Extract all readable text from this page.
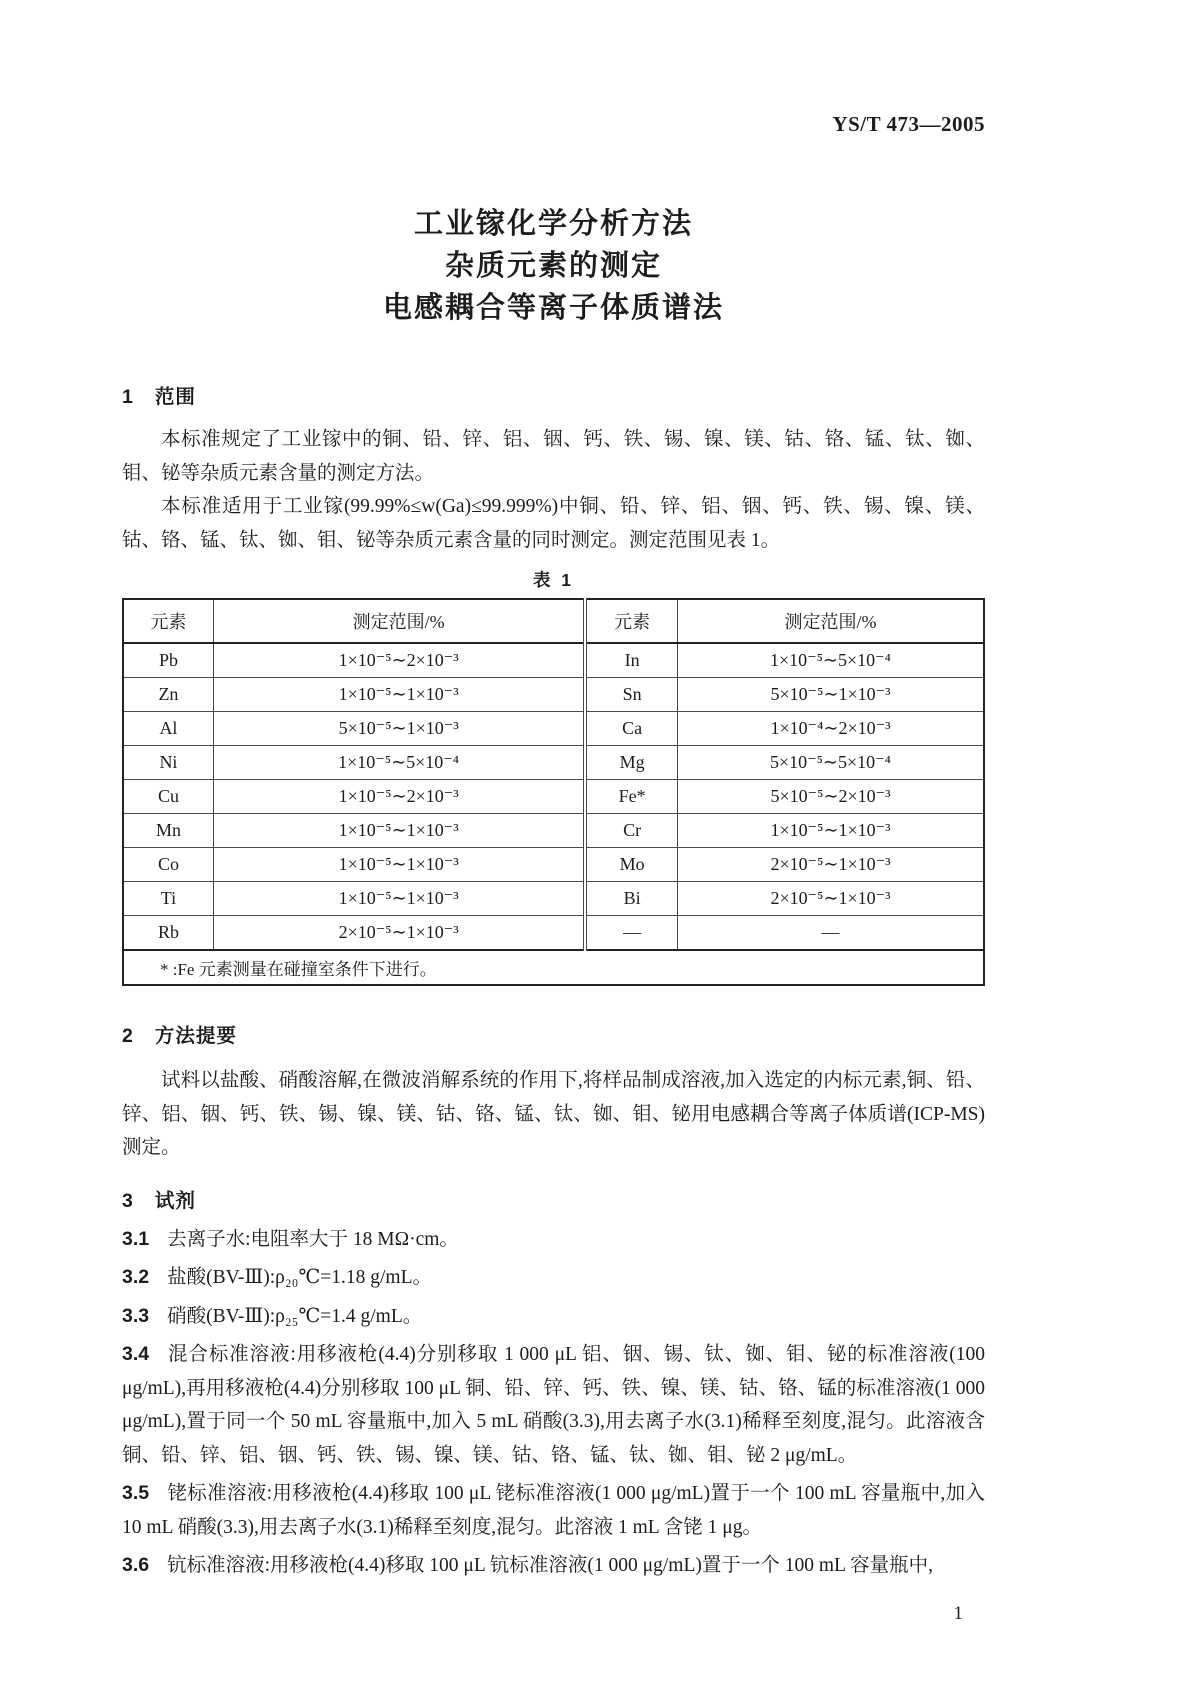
YS/T 473—2005
工业镓化学分析方法
杂质元素的测定
电感耦合等离子体质谱法
1 范围

本标准规定了工业镓中的铜、铅、锌、铝、铟、钙、铁、锡、镍、镁、钴、铬、锰、钛、铷、钼、铋等杂质元素含量的测定方法。

本标准适用于工业镓(99.99%≤w(Ga)≤99.999%)中铜、铅、锌、铝、铟、钙、铁、锡、镍、镁、钴、铬、锰、钛、铷、钼、铋等杂质元素含量的同时测定。测定范围见表 1。

表 1
元素	测定范围/%	元素	测定范围/%
Pb	1×10⁻⁵∼2×10⁻³	In	1×10⁻⁵∼5×10⁻⁴
Zn	1×10⁻⁵∼1×10⁻³	Sn	5×10⁻⁵∼1×10⁻³
Al	5×10⁻⁵∼1×10⁻³	Ca	1×10⁻⁴∼2×10⁻³
Ni	1×10⁻⁵∼5×10⁻⁴	Mg	5×10⁻⁵∼5×10⁻⁴
Cu	1×10⁻⁵∼2×10⁻³	Fe*	5×10⁻⁵∼2×10⁻³
Mn	1×10⁻⁵∼1×10⁻³	Cr	1×10⁻⁵∼1×10⁻³
Co	1×10⁻⁵∼1×10⁻³	Mo	2×10⁻⁵∼1×10⁻³
Ti	1×10⁻⁵∼1×10⁻³	Bi	2×10⁻⁵∼1×10⁻³
Rb	2×10⁻⁵∼1×10⁻³	—	—
* :Fe 元素测量在碰撞室条件下进行。			
2 方法提要

试料以盐酸、硝酸溶解,在微波消解系统的作用下,将样品制成溶液,加入选定的内标元素,铜、铅、锌、铝、铟、钙、铁、锡、镍、镁、钴、铬、锰、钛、铷、钼、铋用电感耦合等离子体质谱(ICP-MS)测定。

3 试剂

3.1 去离子水:电阻率大于 18 MΩ·cm。

3.2 盐酸(BV-Ⅲ):ρ₂₀℃=1.18 g/mL。

3.3 硝酸(BV-Ⅲ):ρ₂₅℃=1.4 g/mL。

3.4 混合标准溶液:用移液枪(4.4)分别移取 1 000 μL 铝、铟、锡、钛、铷、钼、铋的标准溶液(100 μg/mL),再用移液枪(4.4)分别移取 100 μL 铜、铅、锌、钙、铁、镍、镁、钴、铬、锰的标准溶液(1 000 μg/mL),置于同一个 50 mL 容量瓶中,加入 5 mL 硝酸(3.3),用去离子水(3.1)稀释至刻度,混匀。此溶液含铜、铅、锌、铝、铟、钙、铁、锡、镍、镁、钴、铬、锰、钛、铷、钼、铋 2 μg/mL。

3.5 铑标准溶液:用移液枪(4.4)移取 100 μL 铑标准溶液(1 000 μg/mL)置于一个 100 mL 容量瓶中,加入 10 mL 硝酸(3.3),用去离子水(3.1)稀释至刻度,混匀。此溶液 1 mL 含铑 1 μg。

3.6 钪标准溶液:用移液枪(4.4)移取 100 μL 钪标准溶液(1 000 μg/mL)置于一个 100 mL 容量瓶中,

1
